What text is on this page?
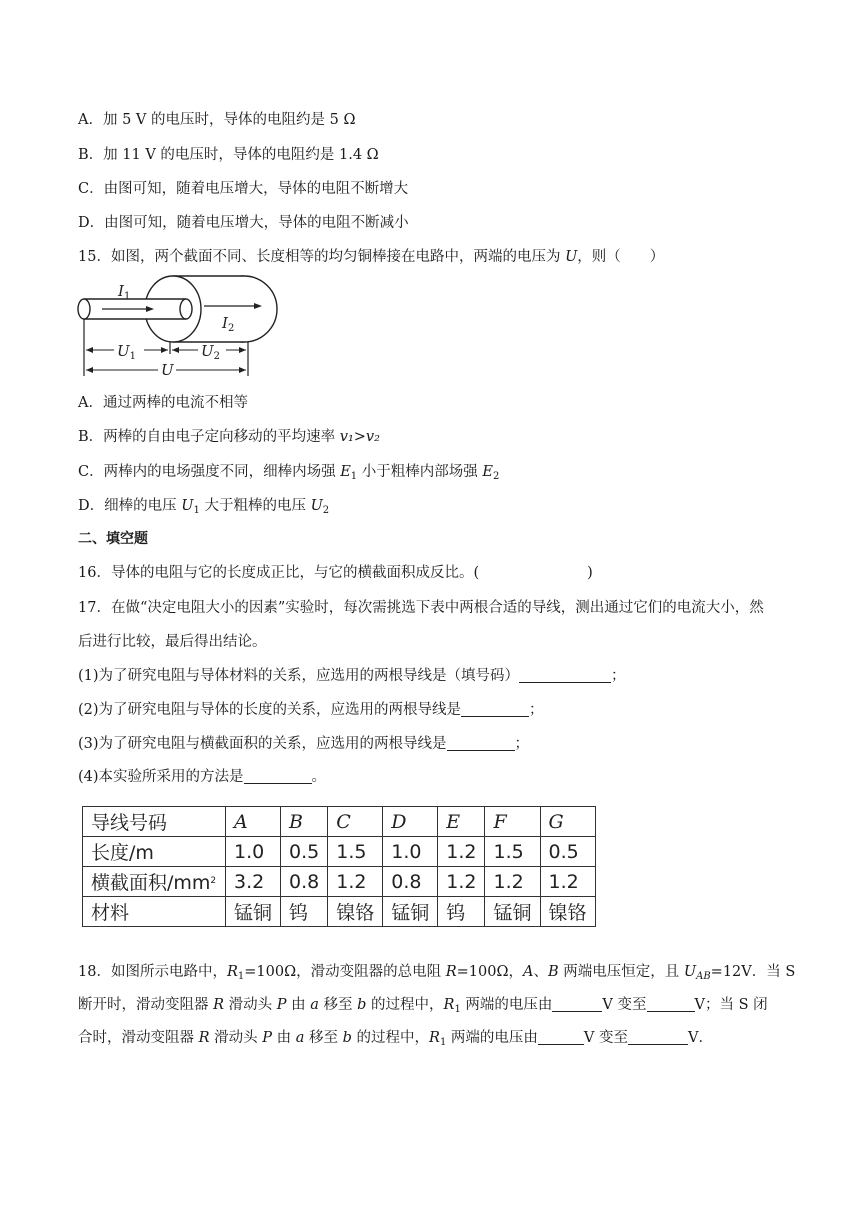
A．加 5 V 的电压时，导体的电阻约是 5 Ω
B．加 11 V 的电压时，导体的电阻约是 1.4 Ω
C．由图可知，随着电压增大，导体的电阻不断增大
D．由图可知，随着电压增大，导体的电阻不断减小
15．如图，两个截面不同、长度相等的均匀铜棒接在电路中，两端的电压为 U，则（　　）
$I_1$
$I_2$
$U_1$	$U_2$
U
A．通过两棒的电流不相等
B．两棒的自由电子定向移动的平均速率 v₁>v₂
C．两棒内的电场强度不同，细棒内场强 $E_1$ 小于粗棒内部场强 $E_2$
D．细棒的电压 $U_1$ 大于粗棒的电压 $U_2$
二、填空题
16．导体的电阻与它的长度成正比，与它的横截面积成反比。(	)
17．在做“决定电阻大小的因素”实验时，每次需挑选下表中两根合适的导线，测出通过它们的电流大小，然
后进行比较，最后得出结论。
(1)为了研究电阻与导体材料的关系，应选用的两根导线是（填号码）	；
(2)为了研究电阻与导体的长度的关系，应选用的两根导线是	；
(3)为了研究电阻与横截面积的关系，应选用的两根导线是	；
(4)本实验所采用的方法是	。
导线号码	A	B	C	D	E	F	G
长度/m	1.0	0.5	1.5	1.0	1.2	1.5	0.5
横截面积$/mm^2$	3.2	0.8	1.2	0.8	1.2	1.2	1.2
材料	锰铜	钨	镍铬	锰铜	钨	锰铜	镍铬
18．如图所示电路中，$R_1=100\Omega$，滑动变阻器的总电阻 R=100Ω，A、B 两端电压恒定，且 $U_{AB}=12V$．当 S
断开时，滑动变阻器 R 滑动头 P 由 a 移至 b 的过程中，$R_1$ 两端的电压由	V 变至	V；当 S 闭
合时，滑动变阻器 R 滑动头 P 由 a 移至 b 的过程中，$R_1$ 两端的电压由	V 变至	V．
